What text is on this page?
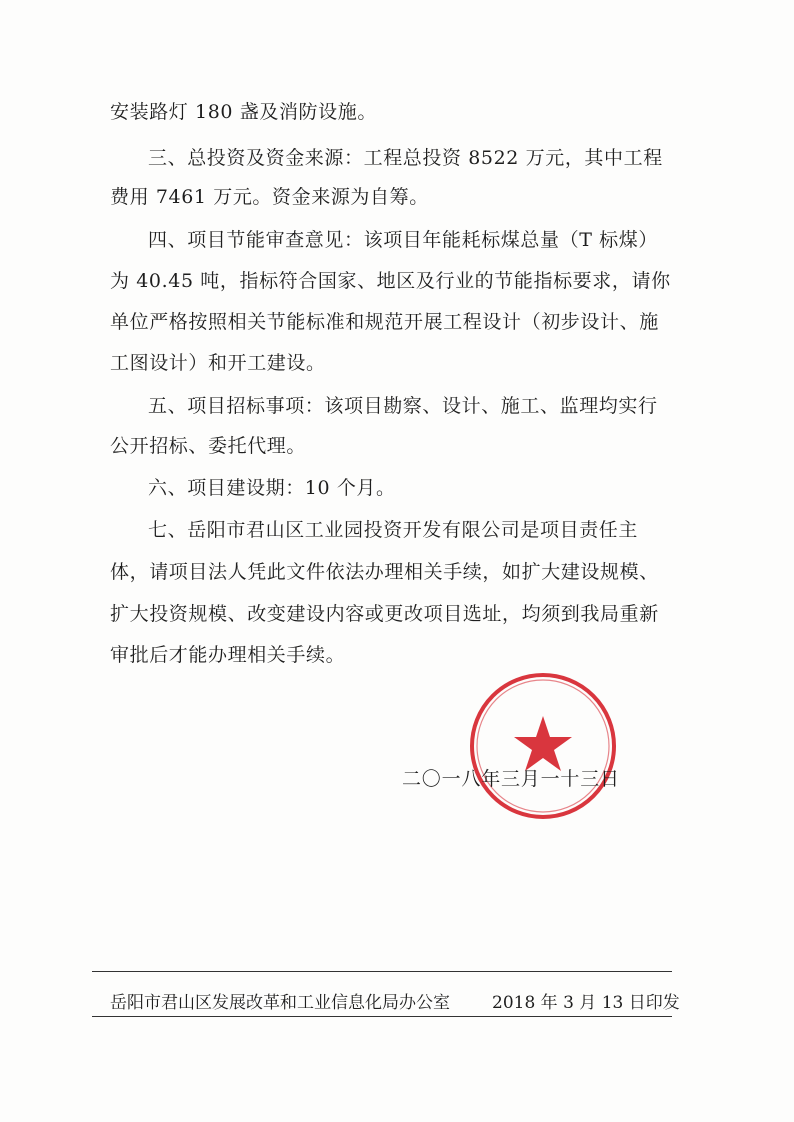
安装路灯 180 盏及消防设施。
三、总投资及资金来源：工程总投资 8522 万元，其中工程
费用 7461 万元。资金来源为自筹。
四、项目节能审查意见：该项目年能耗标煤总量（T 标煤）
为 40.45 吨，指标符合国家、地区及行业的节能指标要求，请你
单位严格按照相关节能标准和规范开展工程设计（初步设计、施
工图设计）和开工建设。
五、项目招标事项：该项目勘察、设计、施工、监理均实行
公开招标、委托代理。
六、项目建设期：10 个月。
七、岳阳市君山区工业园投资开发有限公司是项目责任主
体，请项目法人凭此文件依法办理相关手续，如扩大建设规模、
扩大投资规模、改变建设内容或更改项目选址，均须到我局重新
审批后才能办理相关手续。
二〇一八年三月一十三日
岳阳市君山区发展改革和工业信息化局办公室 2018 年 3 月 13 日印发
